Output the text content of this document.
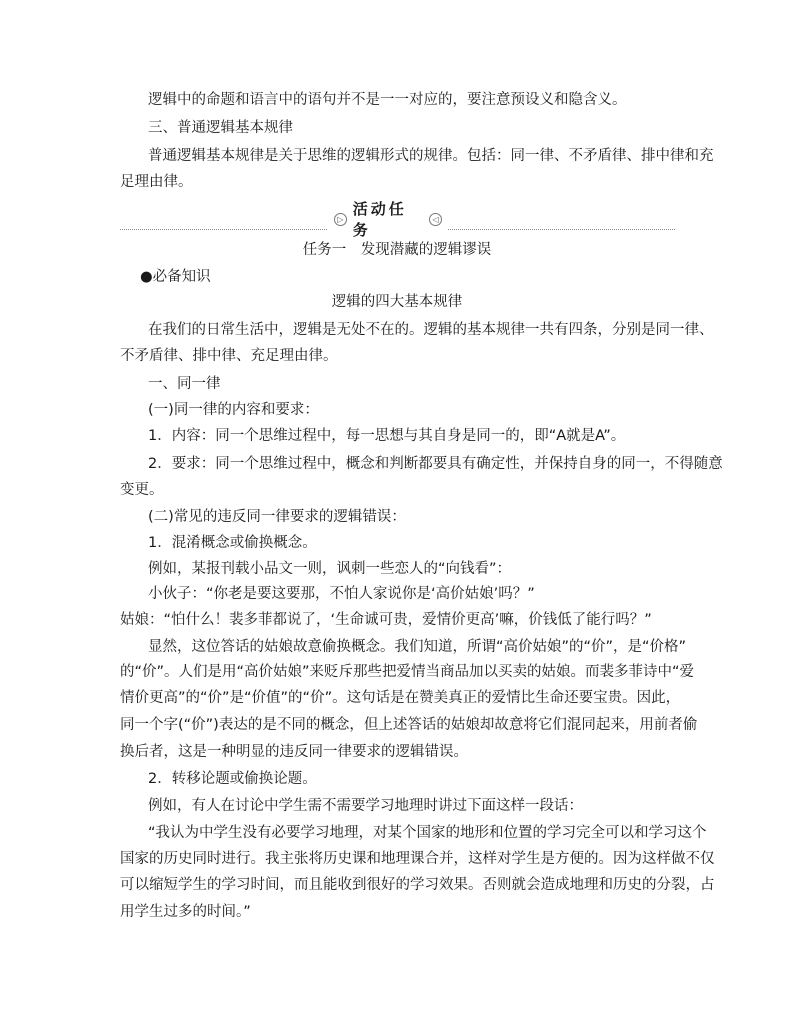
逻辑中的命题和语言中的语句并不是一一对应的，要注意预设义和隐含义。

三、普通逻辑基本规律

普通逻辑基本规律是关于思维的逻辑形式的规律。包括：同一律、不矛盾律、排中律和充

足理由律。

▷
活动任务
◁

任务一　发现潜藏的逻辑谬误

●必备知识

逻辑的四大基本规律

在我们的日常生活中，逻辑是无处不在的。逻辑的基本规律一共有四条，分别是同一律、

不矛盾律、排中律、充足理由律。

一、同一律

(一)同一律的内容和要求：

1．内容：同一个思维过程中，每一思想与其自身是同一的，即“A就是A”。

2．要求：同一个思维过程中，概念和判断都要具有确定性，并保持自身的同一，不得随意

变更。

(二)常见的违反同一律要求的逻辑错误：

1．混淆概念或偷换概念。

例如，某报刊载小品文一则，讽刺一些恋人的“向钱看”：

小伙子：“你老是要这要那，不怕人家说你是‘高价姑娘’吗？”

姑娘：“怕什么！裴多菲都说了，‘生命诚可贵，爱情价更高’嘛，价钱低了能行吗？”

显然，这位答话的姑娘故意偷换概念。我们知道，所谓“高价姑娘”的“价”，是“价格”

的“价”。人们是用“高价姑娘”来贬斥那些把爱情当商品加以买卖的姑娘。而裴多菲诗中“爱

情价更高”的“价”是“价值”的“价”。这句话是在赞美真正的爱情比生命还要宝贵。因此，

同一个字(“价”)表达的是不同的概念，但上述答话的姑娘却故意将它们混同起来，用前者偷

换后者，这是一种明显的违反同一律要求的逻辑错误。

2．转移论题或偷换论题。

例如，有人在讨论中学生需不需要学习地理时讲过下面这样一段话：

“我认为中学生没有必要学习地理，对某个国家的地形和位置的学习完全可以和学习这个

国家的历史同时进行。我主张将历史课和地理课合并，这样对学生是方便的。因为这样做不仅

可以缩短学生的学习时间，而且能收到很好的学习效果。否则就会造成地理和历史的分裂，占

用学生过多的时间。”
